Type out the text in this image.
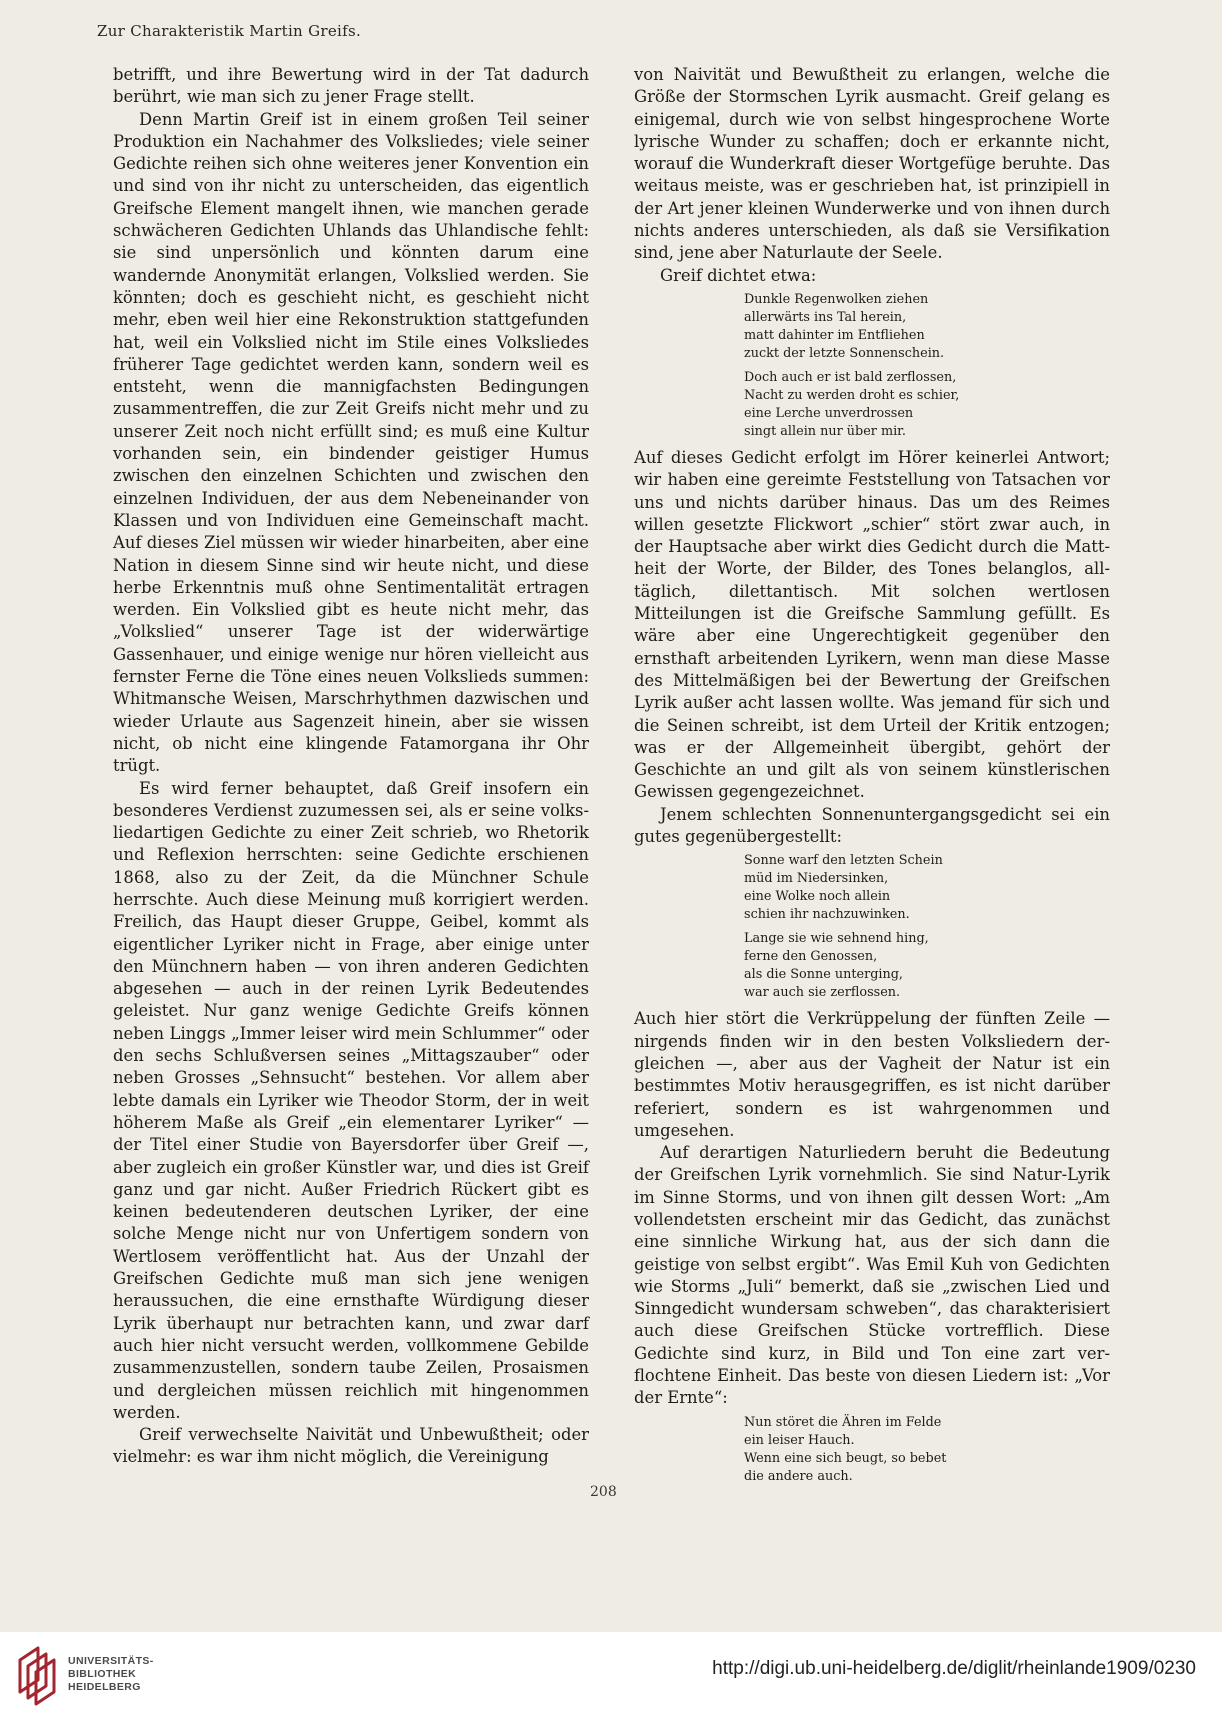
Zur Charakteristik Martin Greifs.

betrifft, und ihre Bewertung wird in der Tat dadurch berührt, wie man sich zu jener Frage stellt.

Denn Martin Greif ist in einem großen Teil seiner Produktion ein Nachahmer des Volksliedes; viele seiner Gedichte reihen sich ohne weiteres jener Konvention ein und sind von ihr nicht zu unterscheiden, das eigentlich Greifsche Element mangelt ihnen, wie manchen gerade schwächeren Gedichten Uhlands das Uhlandische fehlt: sie sind unpersönlich und könnten darum eine wandernde Anonymität erlangen, Volkslied werden. Sie könnten; doch es geschieht nicht, es geschieht nicht mehr, eben weil hier eine Rekonstruktion stattgefunden hat, weil ein Volkslied nicht im Stile eines Volksliedes früherer Tage gedichtet werden kann, sondern weil es entsteht, wenn die mannigfachsten Bedingungen zusammentreffen, die zur Zeit Greifs nicht mehr und zu unserer Zeit noch nicht erfüllt sind; es muß eine Kultur vorhanden sein, ein bindender geistiger Humus zwischen den einzelnen Schichten und zwischen den einzelnen Individuen, der aus dem Nebeneinander von Klassen und von Individuen eine Gemeinschaft macht. Auf dieses Ziel müssen wir wieder hinarbeiten, aber eine Nation in diesem Sinne sind wir heute nicht, und diese herbe Erkenntnis muß ohne Sentimentalität ertragen werden. Ein Volkslied gibt es heute nicht mehr, das „Volkslied“ unserer Tage ist der widerwärtige Gassenhauer, und einige wenige nur hören vielleicht aus fernster Ferne die Töne eines neuen Volkslieds summen: Whitmansche Weisen, Marschrhythmen dazwischen und wieder Urlaute aus Sagenzeit hinein, aber sie wissen nicht, ob nicht eine klingende Fatamorgana ihr Ohr trügt.

Es wird ferner behauptet, daß Greif insofern ein besonderes Verdienst zuzumessen sei, als er seine volksliedartigen Gedichte zu einer Zeit schrieb, wo Rhetorik und Reflexion herrschten: seine Gedichte erschienen 1868, also zu der Zeit, da die Münchner Schule herrschte. Auch diese Meinung muß korrigiert werden. Freilich, das Haupt dieser Gruppe, Geibel, kommt als eigentlicher Lyriker nicht in Frage, aber einige unter den Münchnern haben — von ihren anderen Gedichten abgesehen — auch in der reinen Lyrik Bedeutendes geleistet. Nur ganz wenige Gedichte Greifs können neben Linggs „Immer leiser wird mein Schlummer“ oder den sechs Schlußversen seines „Mittagszauber“ oder neben Grosses „Sehnsucht“ bestehen. Vor allem aber lebte damals ein Lyriker wie Theodor Storm, der in weit höherem Maße als Greif „ein elementarer Lyriker“ — der Titel einer Studie von Bayersdorfer über Greif —, aber zugleich ein großer Künstler war, und dies ist Greif ganz und gar nicht. Außer Friedrich Rückert gibt es keinen bedeutenderen deutschen Lyriker, der eine solche Menge nicht nur von Unfertigem sondern von Wertlosem veröffentlicht hat. Aus der Unzahl der Greifschen Gedichte muß man sich jene wenigen heraussuchen, die eine ernsthafte Würdigung dieser Lyrik überhaupt nur betrachten kann, und zwar darf auch hier nicht versucht werden, vollkommene Gebilde zusammenzustellen, sondern taube Zeilen, Prosaismen und dergleichen müssen reichlich mit hingenommen werden.

Greif verwechselte Naivität und Unbewußtheit; oder vielmehr: es war ihm nicht möglich, die Vereinigung

von Naivität und Bewußtheit zu erlangen, welche die Größe der Stormschen Lyrik ausmacht. Greif gelang es einigemal, durch wie von selbst hingesprochene Worte lyrische Wunder zu schaffen; doch er erkannte nicht, worauf die Wunderkraft dieser Wortgefüge beruhte. Das weitaus meiste, was er geschrieben hat, ist prinzipiell in der Art jener kleinen Wunderwerke und von ihnen durch nichts anderes unterschieden, als daß sie Versifikation sind, jene aber Naturlaute der Seele.

Greif dichtet etwa:

Dunkle Regenwolken ziehen
allerwärts ins Tal herein,
matt dahinter im Entfliehen
zuckt der letzte Sonnenschein.
Doch auch er ist bald zerflossen,
Nacht zu werden droht es schier,
eine Lerche unverdrossen
singt allein nur über mir.

Auf dieses Gedicht erfolgt im Hörer keinerlei Antwort; wir haben eine gereimte Feststellung von Tatsachen vor uns und nichts darüber hinaus. Das um des Reimes willen gesetzte Flickwort „schier“ stört zwar auch, in der Hauptsache aber wirkt dies Gedicht durch die Mattheit der Worte, der Bilder, des Tones belanglos, alltäglich, dilettantisch. Mit solchen wertlosen Mitteilungen ist die Greifsche Sammlung gefüllt. Es wäre aber eine Ungerechtigkeit gegenüber den ernsthaft arbeitenden Lyrikern, wenn man diese Masse des Mittelmäßigen bei der Bewertung der Greifschen Lyrik außer acht lassen wollte. Was jemand für sich und die Seinen schreibt, ist dem Urteil der Kritik entzogen; was er der Allgemeinheit übergibt, gehört der Geschichte an und gilt als von seinem künstlerischen Gewissen gegengezeichnet.

Jenem schlechten Sonnenuntergangsgedicht sei ein gutes gegenübergestellt:

Sonne warf den letzten Schein
müd im Niedersinken,
eine Wolke noch allein
schien ihr nachzuwinken.
Lange sie wie sehnend hing,
ferne den Genossen,
als die Sonne unterging,
war auch sie zerflossen.

Auch hier stört die Verkrüppelung der fünften Zeile — nirgends finden wir in den besten Volksliedern dergleichen —, aber aus der Vagheit der Natur ist ein bestimmtes Motiv herausgegriffen, es ist nicht darüber referiert, sondern es ist wahrgenommen und umgesehen.

Auf derartigen Naturliedern beruht die Bedeutung der Greifschen Lyrik vornehmlich. Sie sind Natur-Lyrik im Sinne Storms, und von ihnen gilt dessen Wort: „Am vollendetsten erscheint mir das Gedicht, das zunächst eine sinnliche Wirkung hat, aus der sich dann die geistige von selbst ergibt“. Was Emil Kuh von Gedichten wie Storms „Juli“ bemerkt, daß sie „zwischen Lied und Sinngedicht wundersam schweben“, das charakterisiert auch diese Greifschen Stücke vortrefflich. Diese Gedichte sind kurz, in Bild und Ton eine zart verflochtene Einheit. Das beste von diesen Liedern ist: „Vor der Ernte“:

Nun störet die Ähren im Felde
ein leiser Hauch.
Wenn eine sich beugt, so bebet
die andere auch.
208
UNIVERSITÄTS-
BIBLIOTHEK
HEIDELBERG
http://digi.ub.uni-heidelberg.de/diglit/rheinlande1909/0230
